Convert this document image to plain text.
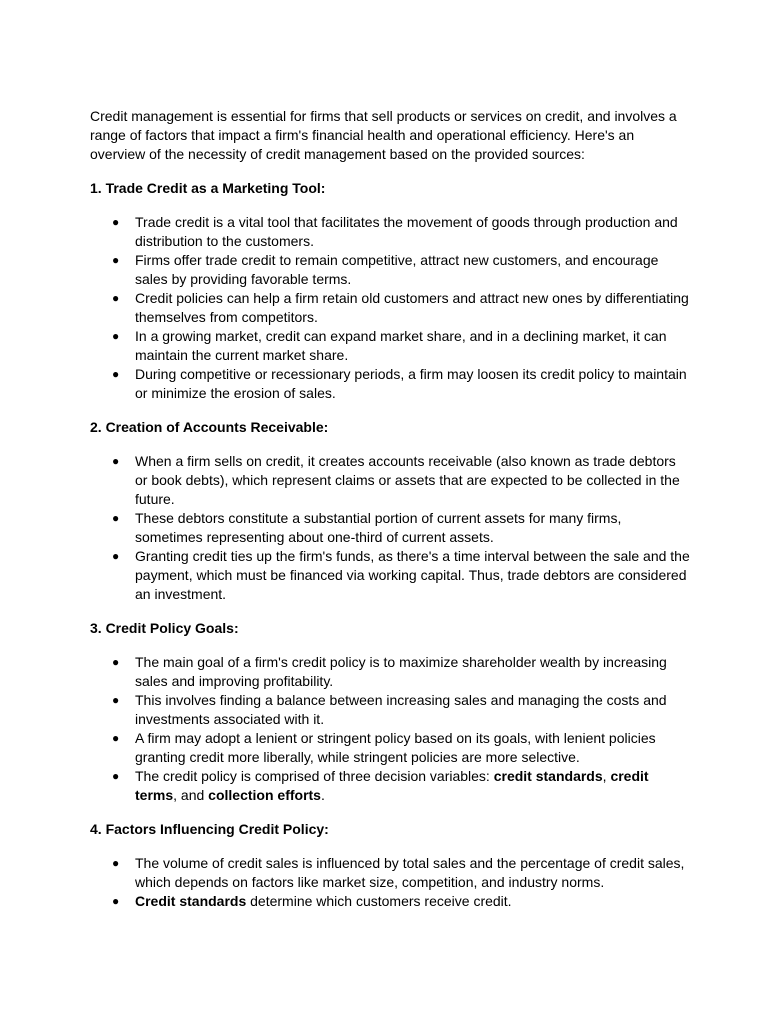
Credit management is essential for firms that sell products or services on credit, and involves a range of factors that impact a firm's financial health and operational efficiency. Here's an overview of the necessity of credit management based on the provided sources:

1. Trade Credit as a Marketing Tool:

● Trade credit is a vital tool that facilitates the movement of goods through production and distribution to the customers.
● Firms offer trade credit to remain competitive, attract new customers, and encourage sales by providing favorable terms.
● Credit policies can help a firm retain old customers and attract new ones by differentiating themselves from competitors.
● In a growing market, credit can expand market share, and in a declining market, it can maintain the current market share.
● During competitive or recessionary periods, a firm may loosen its credit policy to maintain or minimize the erosion of sales.

2. Creation of Accounts Receivable:

● When a firm sells on credit, it creates accounts receivable (also known as trade debtors or book debts), which represent claims or assets that are expected to be collected in the future.
● These debtors constitute a substantial portion of current assets for many firms, sometimes representing about one-third of current assets.
● Granting credit ties up the firm's funds, as there's a time interval between the sale and the payment, which must be financed via working capital. Thus, trade debtors are considered an investment.

3. Credit Policy Goals:

● The main goal of a firm's credit policy is to maximize shareholder wealth by increasing sales and improving profitability.
● This involves finding a balance between increasing sales and managing the costs and investments associated with it.
● A firm may adopt a lenient or stringent policy based on its goals, with lenient policies granting credit more liberally, while stringent policies are more selective.
● The credit policy is comprised of three decision variables: credit standards, credit terms, and collection efforts.

4. Factors Influencing Credit Policy:

● The volume of credit sales is influenced by total sales and the percentage of credit sales, which depends on factors like market size, competition, and industry norms.
● Credit standards determine which customers receive credit.
